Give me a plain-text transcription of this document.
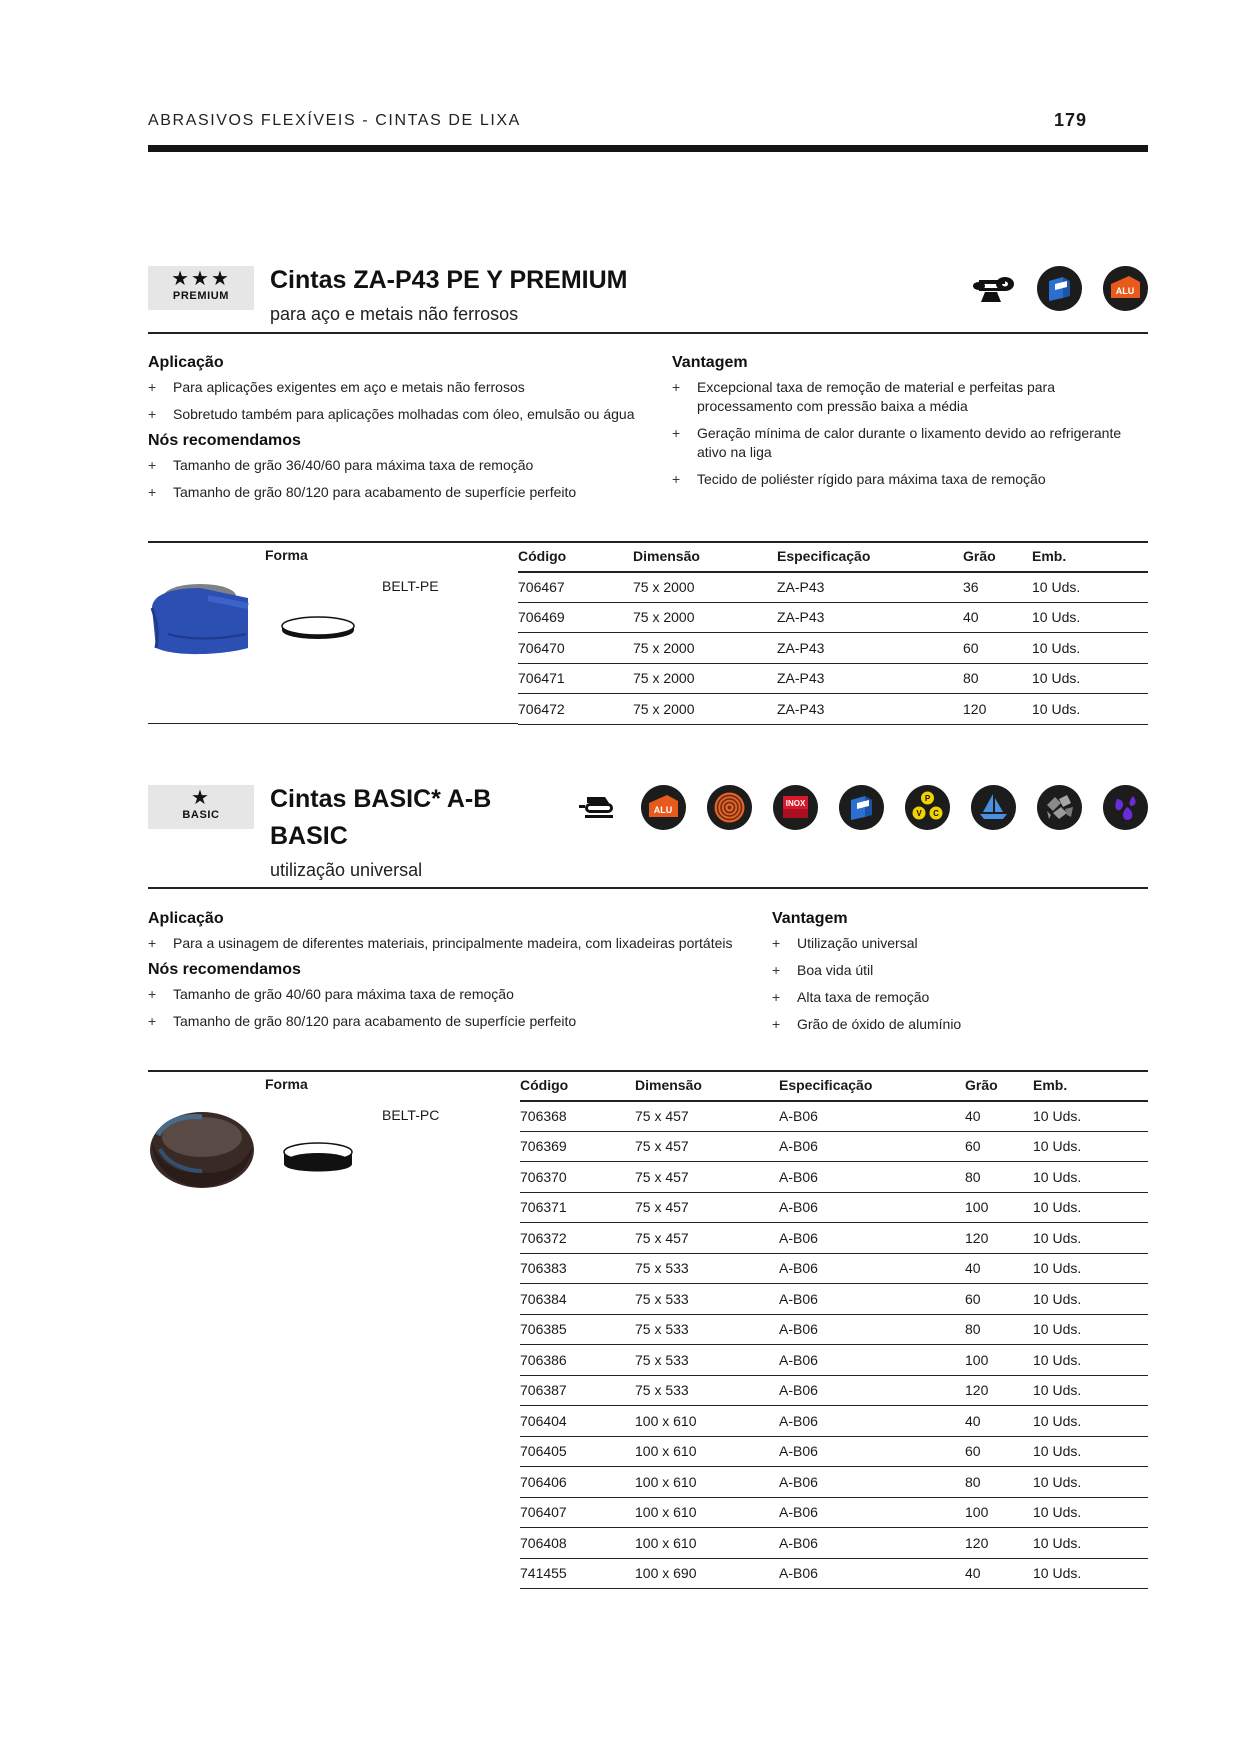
ABRASIVOS FLEXÍVEIS - CINTAS DE LIXA	179
★★★
PREMIUM
Cintas ZA-P43 PE Y PREMIUM
para aço e metais não ferrosos
ALU
Aplicação
+ Para aplicações exigentes em aço e metais não ferrosos
+ Sobretudo também para aplicações molhadas com óleo, emulsão ou água
Nós recomendamos
+ Tamanho de grão 36/40/60 para máxima taxa de remoção
+ Tamanho de grão 80/120 para acabamento de superfície perfeito
Vantagem
+ Excepcional taxa de remoção de material e perfeitas para processamento com pressão baixa a média
+ Geração mínima de calor durante o lixamento devido ao refrigerante ativo na liga
+ Tecido de poliéster rígido para máxima taxa de remoção
Forma
BELT-PE
Código	Dimensão	Especificação	Grão	Emb.
706467	75 x 2000	ZA-P43	36	10 Uds.
706469	75 x 2000	ZA-P43	40	10 Uds.
706470	75 x 2000	ZA-P43	60	10 Uds.
706471	75 x 2000	ZA-P43	80	10 Uds.
706472	75 x 2000	ZA-P43	120	10 Uds.
★
BASIC
Cintas BASIC* A-B
BASIC
utilização universal
ALU
INOX
P
V C
Aplicação
+ Para a usinagem de diferentes materiais, principalmente madeira, com lixadeiras portáteis
Nós recomendamos
+ Tamanho de grão 40/60 para máxima taxa de remoção
+ Tamanho de grão 80/120 para acabamento de superfície perfeito
Vantagem
+ Utilização universal
+ Boa vida útil
+ Alta taxa de remoção
+ Grão de óxido de alumínio
Forma
BELT-PC
Código	Dimensão	Especificação	Grão	Emb.
706368	75 x 457	A-B06	40	10 Uds.
706369	75 x 457	A-B06	60	10 Uds.
706370	75 x 457	A-B06	80	10 Uds.
706371	75 x 457	A-B06	100	10 Uds.
706372	75 x 457	A-B06	120	10 Uds.
706383	75 x 533	A-B06	40	10 Uds.
706384	75 x 533	A-B06	60	10 Uds.
706385	75 x 533	A-B06	80	10 Uds.
706386	75 x 533	A-B06	100	10 Uds.
706387	75 x 533	A-B06	120	10 Uds.
706404	100 x 610	A-B06	40	10 Uds.
706405	100 x 610	A-B06	60	10 Uds.
706406	100 x 610	A-B06	80	10 Uds.
706407	100 x 610	A-B06	100	10 Uds.
706408	100 x 610	A-B06	120	10 Uds.
741455	100 x 690	A-B06	40	10 Uds.
